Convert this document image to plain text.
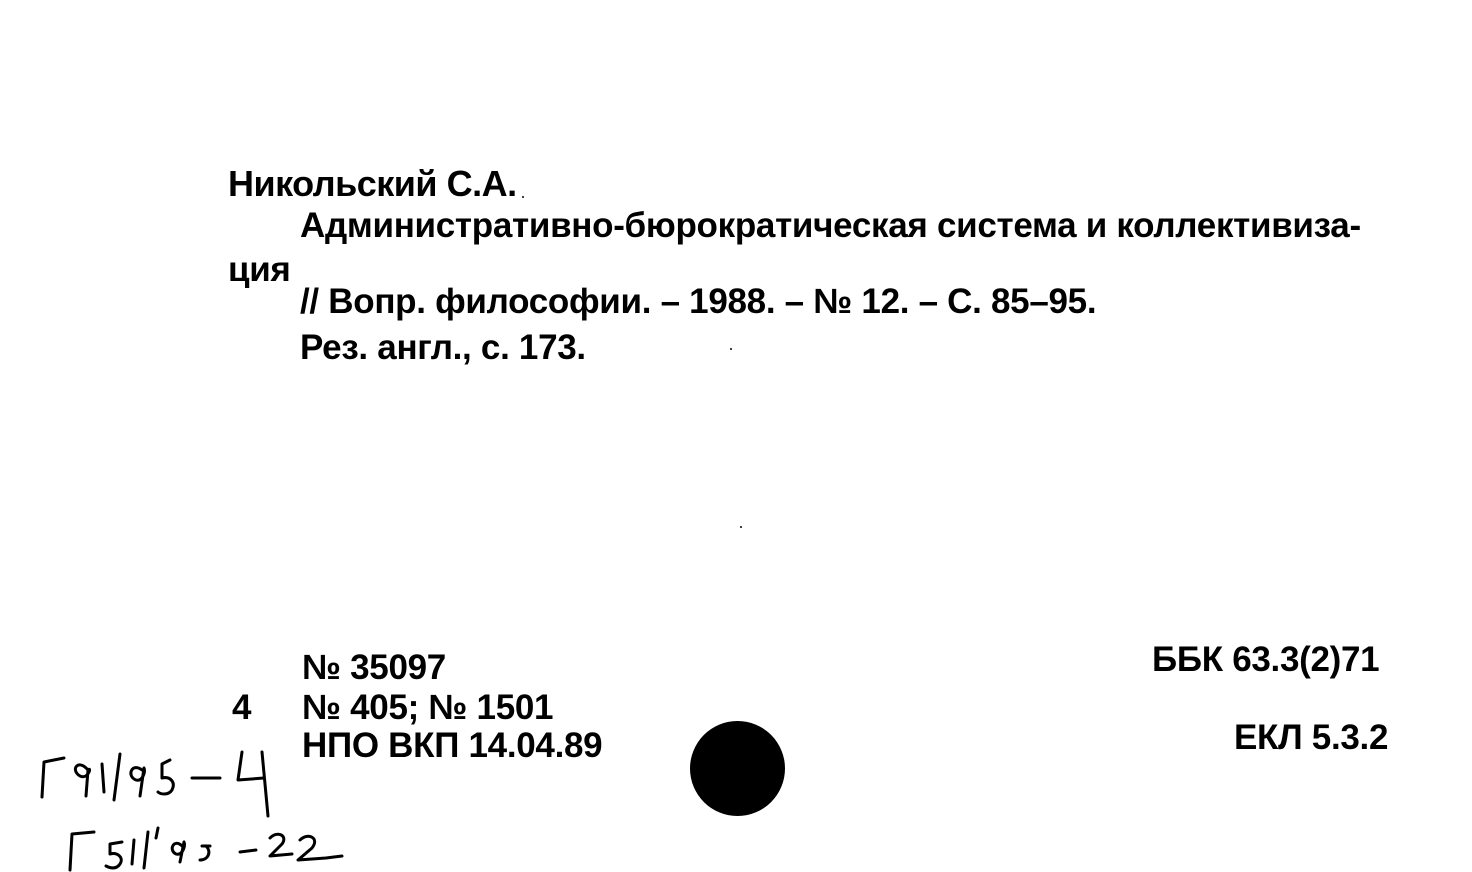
Никольский С.А.
Административно-бюрократическая система и коллективиза-
ция
// Вопр. философии. – 1988. – № 12. – С. 85–95.
Рез. англ., с. 173.
№ 35097
4 № 405; № 1501
НПО ВКП 14.04.89
ББК 63.3(2)71
ЕКЛ 5.3.2
